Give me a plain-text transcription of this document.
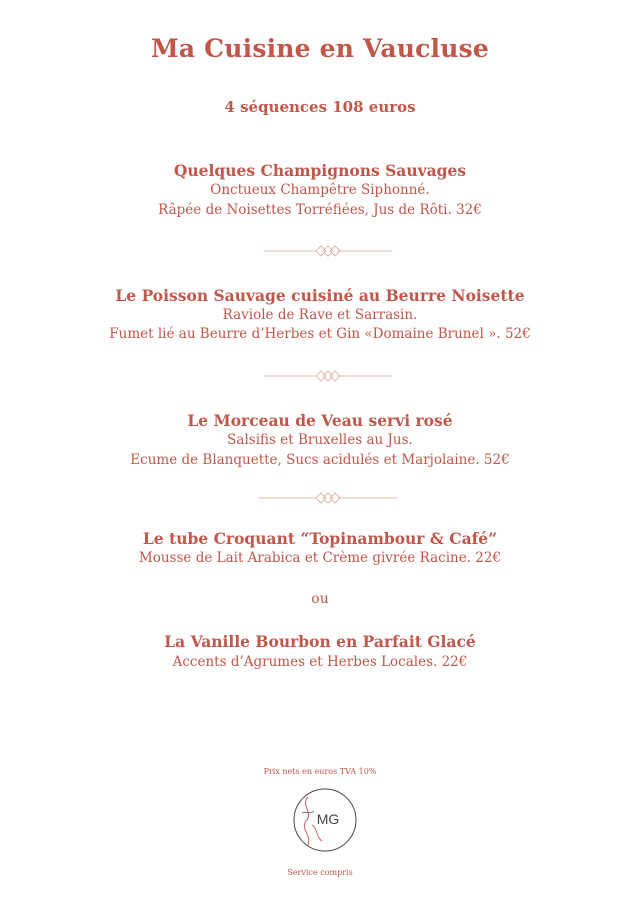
Ma Cuisine en Vaucluse
4 séquences 108 euros
Quelques Champignons Sauvages
Onctueux Champêtre Siphonné.
Râpée de Noisettes Torréfiées, Jus de Rôti. 32€
Le Poisson Sauvage cuisiné au Beurre Noisette
Raviole de Rave et Sarrasin.
Fumet lié au Beurre d’Herbes et Gin «Domaine Brunel ». 52€
Le Morceau de Veau servi rosé
Salsifis et Bruxelles au Jus.
Ecume de Blanquette, Sucs acidulés et Marjolaine. 52€
Le tube Croquant “Topinambour & Café”
Mousse de Lait Arabica et Crème givrée Racine. 22€
ou
La Vanille Bourbon en Parfait Glacé
Accents d’Agrumes et Herbes Locales. 22€
Prix nets en euros TVA 10%
MG
Service compris
